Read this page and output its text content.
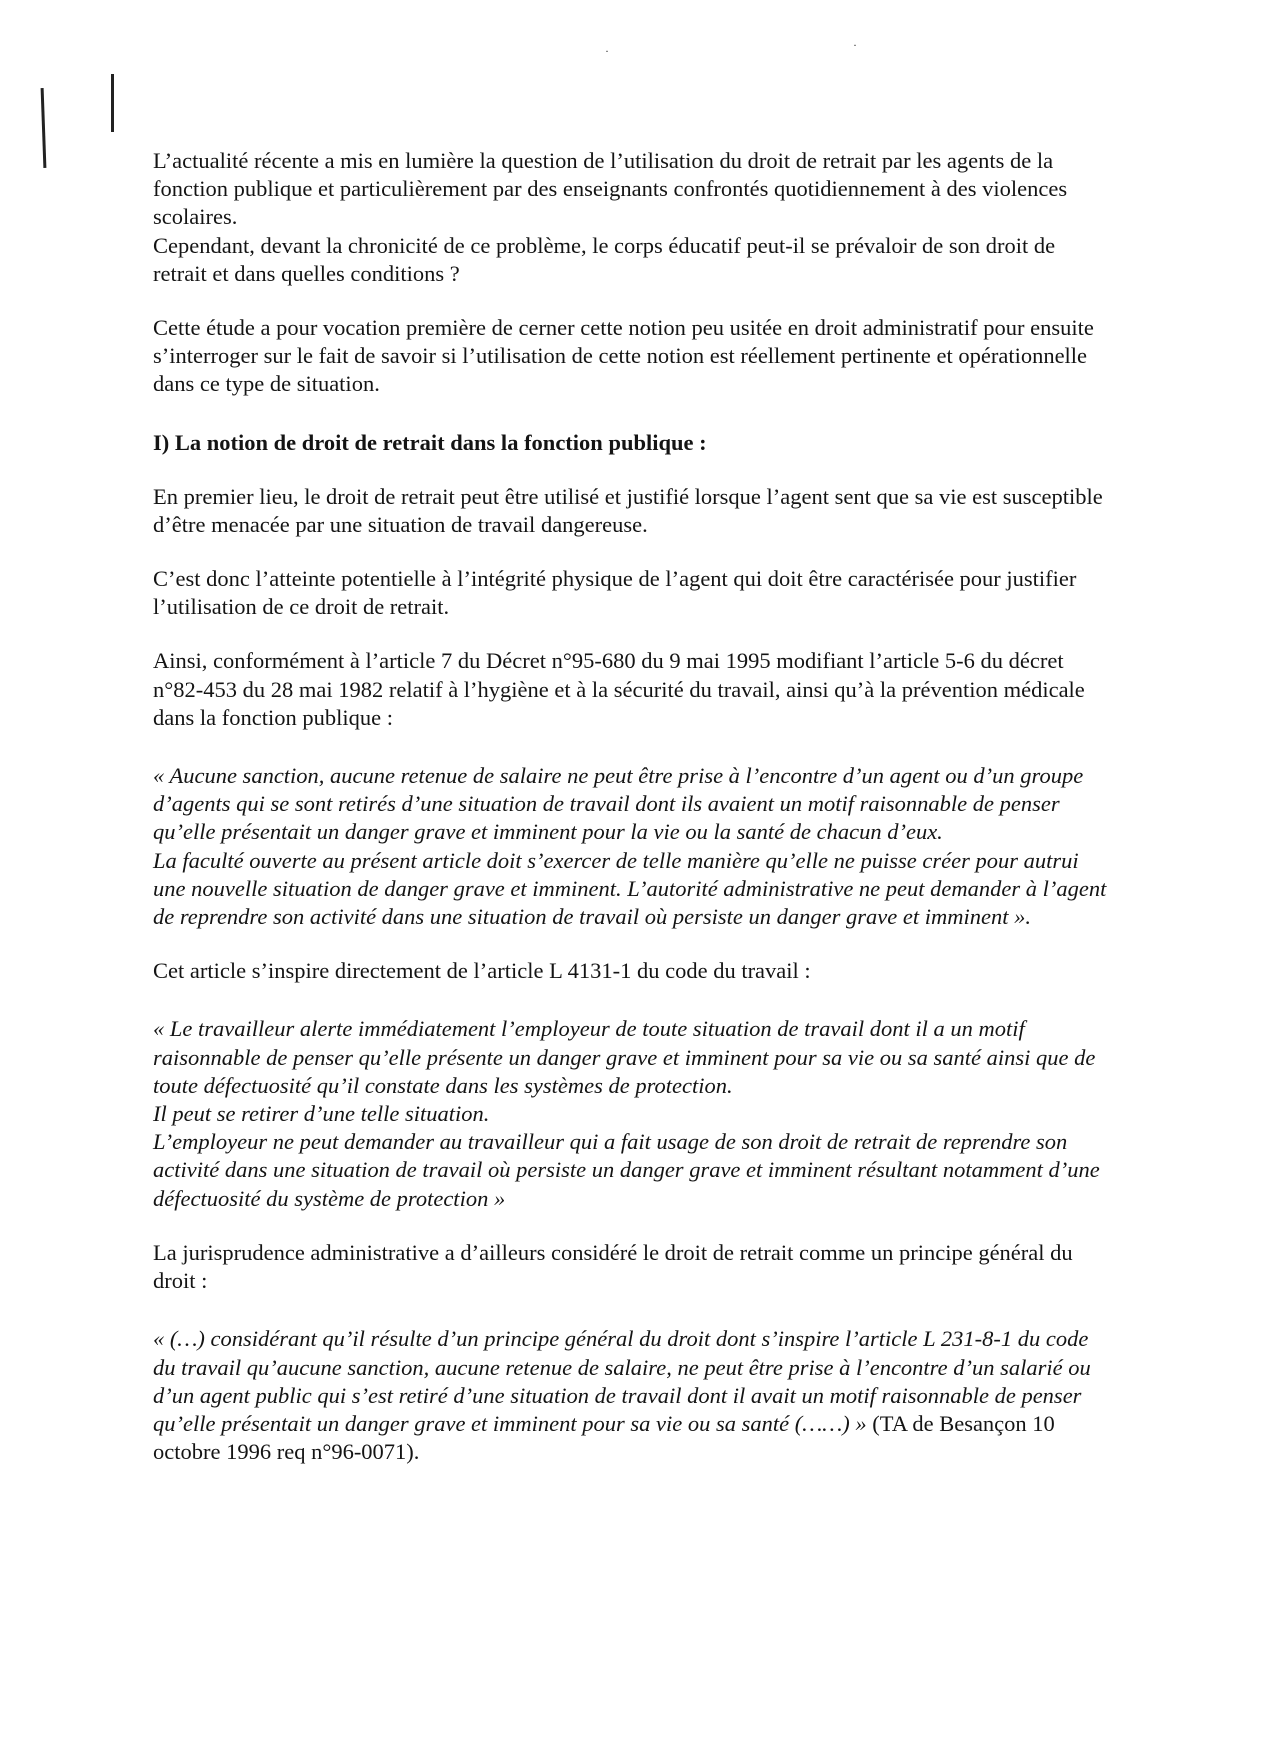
·	·

L’actualité récente a mis en lumière la question de l’utilisation du droit de retrait par les agents de la fonction publique et particulièrement par des enseignants confrontés quotidiennement à des violences scolaires.

Cependant, devant la chronicité de ce problème, le corps éducatif peut-il se prévaloir de son droit de retrait et dans quelles conditions ?

Cette étude a pour vocation première de cerner cette notion peu usitée en droit administratif pour ensuite s’interroger sur le fait de savoir si l’utilisation de cette notion est réellement pertinente et opérationnelle dans ce type de situation.

I) La notion de droit de retrait dans la fonction publique :

En premier lieu, le droit de retrait peut être utilisé et justifié lorsque l’agent sent que sa vie est susceptible d’être menacée par une situation de travail dangereuse.

C’est donc l’atteinte potentielle à l’intégrité physique de l’agent qui doit être caractérisée pour justifier l’utilisation de ce droit de retrait.

Ainsi, conformément à l’article 7 du Décret n°95-680 du 9 mai 1995 modifiant l’article 5-6 du décret n°82-453 du 28 mai 1982 relatif à l’hygiène et à la sécurité du travail, ainsi qu’à la prévention médicale dans la fonction publique :

« Aucune sanction, aucune retenue de salaire ne peut être prise à l’encontre d’un agent ou d’un groupe d’agents qui se sont retirés d’une situation de travail dont ils avaient un motif raisonnable de penser qu’elle présentait un danger grave et imminent pour la vie ou la santé de chacun d’eux.

La faculté ouverte au présent article doit s’exercer de telle manière qu’elle ne puisse créer pour autrui une nouvelle situation de danger grave et imminent. L’autorité administrative ne peut demander à l’agent de reprendre son activité dans une situation de travail où persiste un danger grave et imminent ».

Cet article s’inspire directement de l’article L 4131-1 du code du travail :

« Le travailleur alerte immédiatement l’employeur de toute situation de travail dont il a un motif raisonnable de penser qu’elle présente un danger grave et imminent pour sa vie ou sa santé ainsi que de toute défectuosité qu’il constate dans les systèmes de protection.

Il peut se retirer d’une telle situation.

L’employeur ne peut demander au travailleur qui a fait usage de son droit de retrait de reprendre son activité dans une situation de travail où persiste un danger grave et imminent résultant notamment d’une défectuosité du système de protection »

La jurisprudence administrative a d’ailleurs considéré le droit de retrait comme un principe général du droit :

« (…) considérant qu’il résulte d’un principe général du droit dont s’inspire l’article L 231-8-1 du code du travail qu’aucune sanction, aucune retenue de salaire, ne peut être prise à l’encontre d’un salarié ou d’un agent public qui s’est retiré d’une situation de travail dont il avait un motif raisonnable de penser qu’elle présentait un danger grave et imminent pour sa vie ou sa santé (……) » (TA de Besançon 10 octobre 1996 req n°96-0071).
